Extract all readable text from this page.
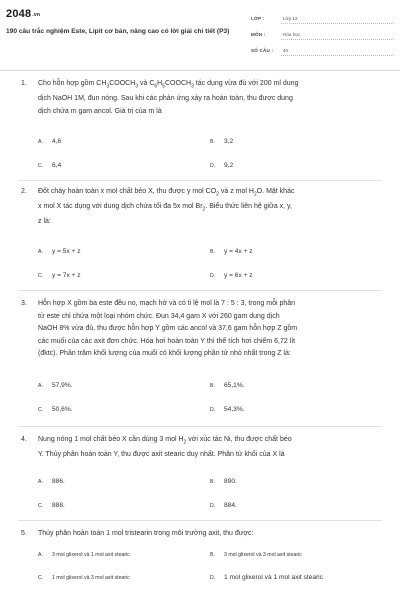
2048.vn
190 câu trắc nghiệm Este, Lipit cơ bản, nâng cao có lời giải chi tiết (P3)
LỚP :	Lớp 12
MÔN :	Hóa học
SỐ CÂU : 40
1. Cho hỗn hợp gồm $CH_3COOCH_3$ và $C_6H_5COOCH_3$ tác dụng vừa đủ với 200 ml dung
dịch NaOH 1M, đun nóng. Sau khi các phản ứng xảy ra hoàn toàn, thu được dung
dịch chứa m gam ancol. Giá trị của m là
A. 4,6	B. 3,2
C. 6,4	D. 9,2
2. Đốt cháy hoàn toàn x mol chất béo X, thu được y mol $CO_2$ và z mol $H_2O$. Mặt khác
x mol X tác dụng với dung dịch chứa tối đa 5x mol $Br_2$. Biểu thức liên hệ giữa x, y,
z là:
A. y = 5x + z	B. y = 4x + z
C. y = 7x + z	D. y = 6x + z
3. Hỗn hợp X gồm ba este đều no, mạch hở và có tỉ lệ mol là 7 : 5 : 3, trong mỗi phân
tử este chỉ chứa một loại nhóm chức. Đun 34,4 gam X với 260 gam dung dịch
NaOH 8% vừa đủ, thu được hỗn hợp Y gồm các ancol và 37,6 gam hỗn hợp Z gồm
các muối của các axit đơn chức. Hóa hơi hoàn toàn Y thì thể tích hơi chiếm 6,72 lít
(đktc). Phần trăm khối lượng của muối có khối lượng phân tử nhỏ nhất trong Z là:
A. 57,9%.	B. 65,1%.
C. 50,6%.	D. 54,3%.
4. Nung nóng 1 mol chất béo X cần dùng 3 mol $H_2$ với xúc tác Ni, thu được chất béo
Y. Thủy phân hoàn toàn Y, thu được axit stearic duy nhất. Phân tử khối của X là
A. 886.	B. 890.
C. 888.	D. 884.
5. Thủy phân hoàn toàn 1 mol tristearin trong môi trường axit, thu được:
A. 3 mol glixerol và 1 mol axit stearic	B. 3 mol glixerol và 3 mol axit stearic
C. 1 mol glixerol và 3 mol axit stearic	D. 1 mol glixerol và 1 mol axit stearic
